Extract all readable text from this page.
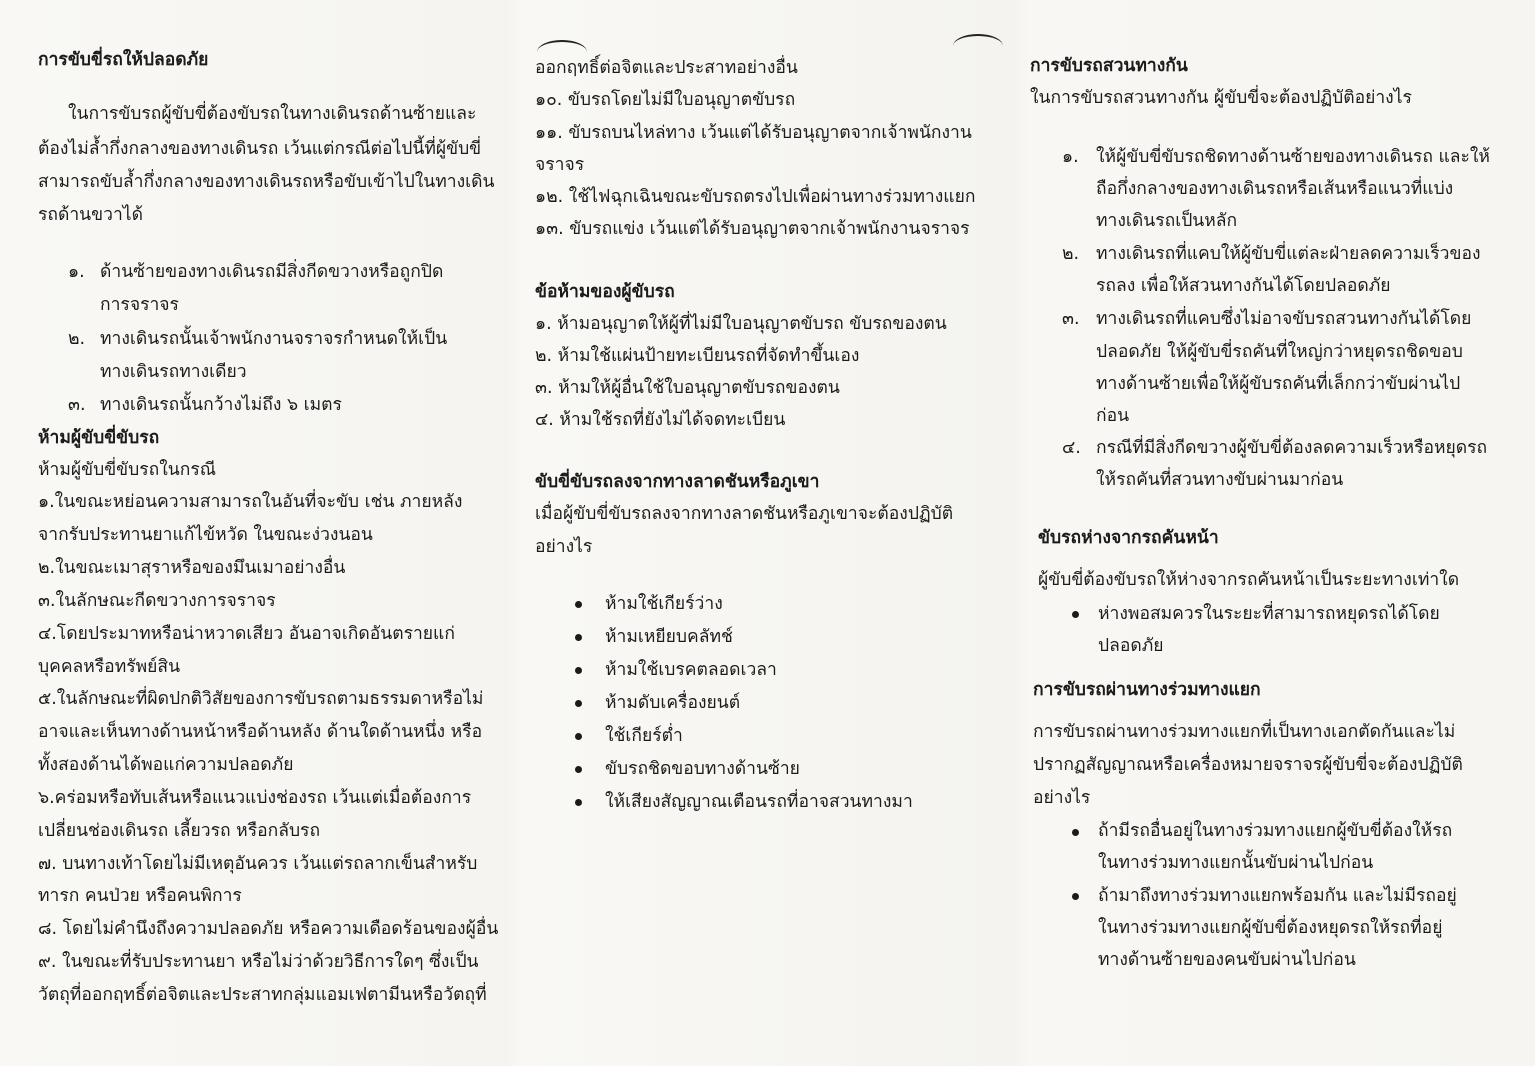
การขับขี่รถให้ปลอดภัย
ในการขับรถผู้ขับขี่ต้องขับรถในทางเดินรถด้านซ้ายและ
ต้องไม่ล้ำกึ่งกลางของทางเดินรถ เว้นแต่กรณีต่อไปนี้ที่ผู้ขับขี่
สามารถขับล้ำกึ่งกลางของทางเดินรถหรือขับเข้าไปในทางเดิน
รถด้านขวาได้
๑. ด้านซ้ายของทางเดินรถมีสิ่งกีดขวางหรือถูกปิด
การจราจร
๒. ทางเดินรถนั้นเจ้าพนักงานจราจรกำหนดให้เป็น
ทางเดินรถทางเดียว
๓. ทางเดินรถนั้นกว้างไม่ถึง ๖ เมตร
ห้ามผู้ขับขี่ขับรถ
ห้ามผู้ขับขี่ขับรถในกรณี
๑.ในขณะหย่อนความสามารถในอันที่จะขับ เช่น ภายหลัง
จากรับประทานยาแก้ไข้หวัด ในขณะง่วงนอน
๒.ในขณะเมาสุราหรือของมึนเมาอย่างอื่น
๓.ในลักษณะกีดขวางการจราจร
๔.โดยประมาทหรือน่าหวาดเสียว อันอาจเกิดอันตรายแก่
บุคคลหรือทรัพย์สิน
๕.ในลักษณะที่ผิดปกติวิสัยของการขับรถตามธรรมดาหรือไม่
อาจและเห็นทางด้านหน้าหรือด้านหลัง ด้านใดด้านหนึ่ง หรือ
ทั้งสองด้านได้พอแก่ความปลอดภัย
๖.คร่อมหรือทับเส้นหรือแนวแบ่งช่องรถ เว้นแต่เมื่อต้องการ
เปลี่ยนช่องเดินรถ เลี้ยวรถ หรือกลับรถ
๗. บนทางเท้าโดยไม่มีเหตุอันควร เว้นแต่รถลากเข็นสำหรับ
ทารก คนป่วย หรือคนพิการ
๘. โดยไม่คำนึงถึงความปลอดภัย หรือความเดือดร้อนของผู้อื่น
๙. ในขณะที่รับประทานยา หรือไม่ว่าด้วยวิธีการใดๆ ซึ่งเป็น
วัตถุที่ออกฤทธิ์ต่อจิตและประสาทกลุ่มแอมเฟตามีนหรือวัตถุที่
ออกฤทธิ์ต่อจิตและประสาทอย่างอื่น
๑๐. ขับรถโดยไม่มีใบอนุญาตขับรถ
๑๑. ขับรถบนไหล่ทาง เว้นแต่ได้รับอนุญาตจากเจ้าพนักงาน
จราจร
๑๒. ใช้ไฟฉุกเฉินขณะขับรถตรงไปเพื่อผ่านทางร่วมทางแยก
๑๓. ขับรถแข่ง เว้นแต่ได้รับอนุญาตจากเจ้าพนักงานจราจร
ข้อห้ามของผู้ขับรถ
๑. ห้ามอนุญาตให้ผู้ที่ไม่มีใบอนุญาตขับรถ ขับรถของตน
๒. ห้ามใช้แผ่นป้ายทะเบียนรถที่จัดทำขึ้นเอง
๓. ห้ามให้ผู้อื่นใช้ใบอนุญาตขับรถของตน
๔. ห้ามใช้รถที่ยังไม่ได้จดทะเบียน
ขับขี่ขับรถลงจากทางลาดชันหรือภูเขา
เมื่อผู้ขับขี่ขับรถลงจากทางลาดชันหรือภูเขาจะต้องปฏิบัติ
อย่างไร
ห้ามใช้เกียร์ว่าง
ห้ามเหยียบคลัทช์
ห้ามใช้เบรคตลอดเวลา
ห้ามดับเครื่องยนต์
ใช้เกียร์ต่ำ
ขับรถชิดขอบทางด้านซ้าย
ให้เสียงสัญญาณเตือนรถที่อาจสวนทางมา
การขับรถสวนทางกัน
ในการขับรถสวนทางกัน ผู้ขับขี่จะต้องปฏิบัติอย่างไร
๑. ให้ผู้ขับขี่ขับรถชิดทางด้านซ้ายของทางเดินรถ และให้
ถือกึ่งกลางของทางเดินรถหรือเส้นหรือแนวที่แบ่ง
ทางเดินรถเป็นหลัก
๒. ทางเดินรถที่แคบให้ผู้ขับขี่แต่ละฝ่ายลดความเร็วของ
รถลง เพื่อให้สวนทางกันได้โดยปลอดภัย
๓. ทางเดินรถที่แคบซึ่งไม่อาจขับรถสวนทางกันได้โดย
ปลอดภัย ให้ผู้ขับขี่รถคันที่ใหญ่กว่าหยุดรถชิดขอบ
ทางด้านซ้ายเพื่อให้ผู้ขับรถคันที่เล็กกว่าขับผ่านไป
ก่อน
๔. กรณีที่มีสิ่งกีดขวางผู้ขับขี่ต้องลดความเร็วหรือหยุดรถ
ให้รถคันที่สวนทางขับผ่านมาก่อน
ขับรถห่างจากรถคันหน้า
ผู้ขับขี่ต้องขับรถให้ห่างจากรถคันหน้าเป็นระยะทางเท่าใด
ห่างพอสมควรในระยะที่สามารถหยุดรถได้โดย
ปลอดภัย
การขับรถผ่านทางร่วมทางแยก
การขับรถผ่านทางร่วมทางแยกที่เป็นทางเอกตัดกันและไม่
ปรากฏสัญญาณหรือเครื่องหมายจราจรผู้ขับขี่จะต้องปฏิบัติ
อย่างไร
ถ้ามีรถอื่นอยู่ในทางร่วมทางแยกผู้ขับขี่ต้องให้รถ
ในทางร่วมทางแยกนั้นขับผ่านไปก่อน
ถ้ามาถึงทางร่วมทางแยกพร้อมกัน และไม่มีรถอยู่
ในทางร่วมทางแยกผู้ขับขี่ต้องหยุดรถให้รถที่อยู่
ทางด้านซ้ายของคนขับผ่านไปก่อน
